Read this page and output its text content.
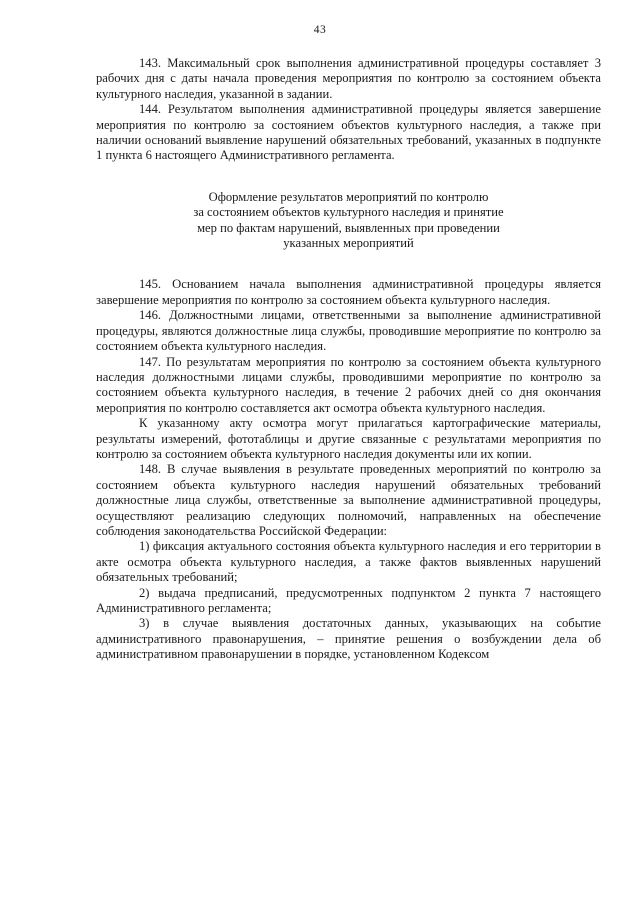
43

143. Максимальный срок выполнения административной процедуры составляет 3 рабочих дня с даты начала проведения мероприятия по контролю за состоянием объекта культурного наследия, указанной в задании.

144. Результатом выполнения административной процедуры является завершение мероприятия по контролю за состоянием объектов культурного наследия, а также при наличии оснований выявление нарушений обязательных требований, указанных в подпункте 1 пункта 6 настоящего Административного регламента.

Оформление результатов мероприятий по контролю
за состоянием объектов культурного наследия и принятие
мер по фактам нарушений, выявленных при проведении
указанных мероприятий

145. Основанием начала выполнения административной процедуры является завершение мероприятия по контролю за состоянием объекта культурного наследия.

146. Должностными лицами, ответственными за выполнение административной процедуры, являются должностные лица службы, проводившие мероприятие по контролю за состоянием объекта культурного наследия.

147. По результатам мероприятия по контролю за состоянием объекта культурного наследия должностными лицами службы, проводившими мероприятие по контролю за состоянием объекта культурного наследия, в течение 2 рабочих дней со дня окончания мероприятия по контролю составляется акт осмотра объекта культурного наследия.

К указанному акту осмотра могут прилагаться картографические материалы, результаты измерений, фототаблицы и другие связанные с результатами мероприятия по контролю за состоянием объекта культурного наследия документы или их копии.

148. В случае выявления в результате проведенных мероприятий по контролю за состоянием объекта культурного наследия нарушений обязательных требований должностные лица службы, ответственные за выполнение административной процедуры, осуществляют реализацию следующих полномочий, направленных на обеспечение соблюдения законодательства Российской Федерации:

1) фиксация актуального состояния объекта культурного наследия и его территории в акте осмотра объекта культурного наследия, а также фактов выявленных нарушений обязательных требований;

2) выдача предписаний, предусмотренных подпунктом 2 пункта 7 настоящего Административного регламента;

3) в случае выявления достаточных данных, указывающих на событие административного правонарушения, – принятие решения о возбуждении дела об административном правонарушении в порядке, установленном Кодексом
